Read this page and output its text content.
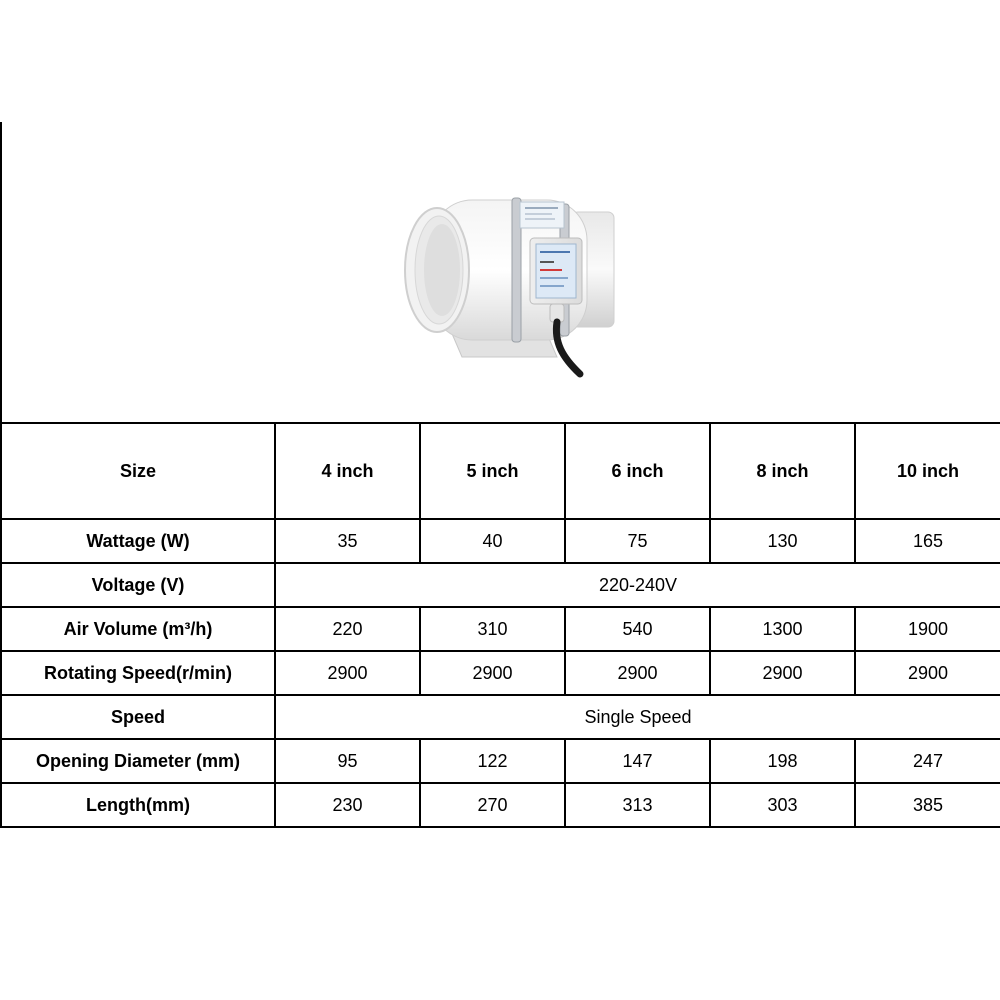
Size	4 inch	5 inch	6 inch	8 inch	10 inch
Wattage (W)	35	40	75	130	165
Voltage (V)	220-240V				
Air Volume (m³/h)	220	310	540	1300	1900
Rotating Speed(r/min)	2900	2900	2900	2900	2900
Speed	Single Speed				
Opening Diameter (mm)	95	122	147	198	247
Length(mm)	230	270	313	303	385
